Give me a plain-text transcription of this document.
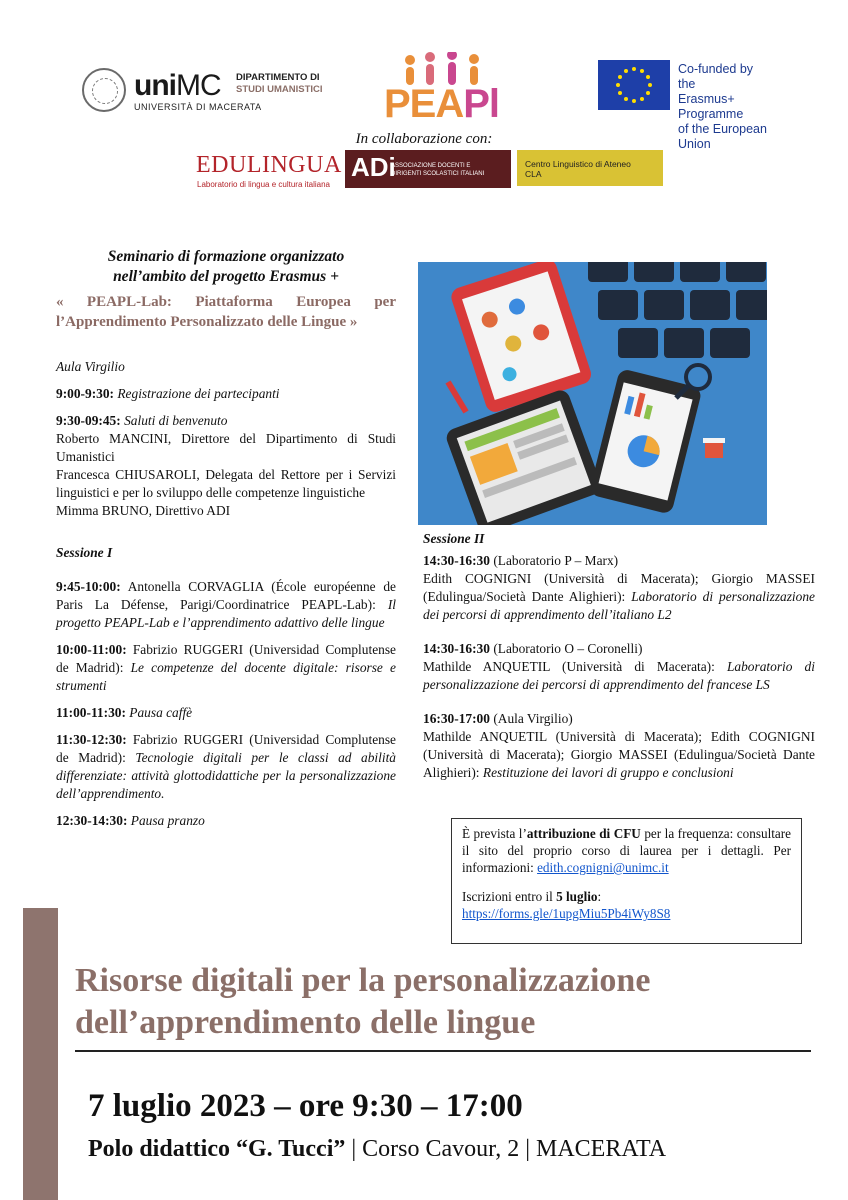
uniMC
UNIVERSITÀ DI MACERATA
DIPARTIMENTO DI
STUDI UMANISTICI PEAPl
Co-funded by the
Erasmus+ Programme
of the European Union
In collaborazione con:
EDULINGUA
Laboratorio di lingua e cultura italiana
ADi
ASSOCIAZIONE DOCENTI E
DIRIGENTI SCOLASTICI ITALIANI
Centro Linguistico di Ateneo
CLA
Seminario di formazione organizzato
nell’ambito del progetto Erasmus +
« PEAPL-Lab: Piattaforma Europea per
l’Apprendimento Personalizzato delle Lingue »

Aula Virgilio

9:00-9:30: Registrazione dei partecipanti

9:30-09:45: Saluti di benvenuto

Roberto MANCINI, Direttore del Dipartimento di Studi Umanistici

Francesca CHIUSAROLI, Delegata del Rettore per i Servizi linguistici e per lo sviluppo delle competenze linguistiche

Mimma BRUNO, Direttivo ADI

Sessione I

9:45-10:00: Antonella CORVAGLIA (École européenne de Paris La Défense, Parigi/Coordinatrice PEAPL-Lab): Il progetto PEAPL-Lab e l’apprendimento adattivo delle lingue

10:00-11:00: Fabrizio RUGGERI (Universidad Complutense de Madrid): Le competenze del docente digitale: risorse e strumenti

11:00-11:30: Pausa caffè

11:30-12:30: Fabrizio RUGGERI (Universidad Complutense de Madrid): Tecnologie digitali per le classi ad abilità differenziate: attività glottodidattiche per la personalizzazione dell’apprendimento.

12:30-14:30: Pausa pranzo

Sessione II

14:30-16:30 (Laboratorio P – Marx)

Edith COGNIGNI (Università di Macerata); Giorgio MASSEI (Edulingua/Società Dante Alighieri): Laboratorio di personalizzazione dei percorsi di apprendimento dell’italiano L2

14:30-16:30 (Laboratorio O – Coronelli)

Mathilde ANQUETIL (Università di Macerata): Laboratorio di personalizzazione dei percorsi di apprendimento del francese LS

16:30-17:00 (Aula Virgilio)

Mathilde ANQUETIL (Università di Macerata); Edith COGNIGNI (Università di Macerata); Giorgio MASSEI (Edulingua/Società Dante Alighieri): Restituzione dei lavori di gruppo e conclusioni

È prevista l’attribuzione di CFU per la frequenza: consultare il sito del proprio corso di laurea per i dettagli. Per informazioni: edith.cognigni@unimc.it

Iscrizioni entro il 5 luglio:

https://forms.gle/1upgMiu5Pb4iWy8S8

Risorse digitali per la personalizzazione dell’apprendimento delle lingue
7 luglio 2023 – ore 9:30 – 17:00
Polo didattico “G. Tucci” | Corso Cavour, 2 | MACERATA
